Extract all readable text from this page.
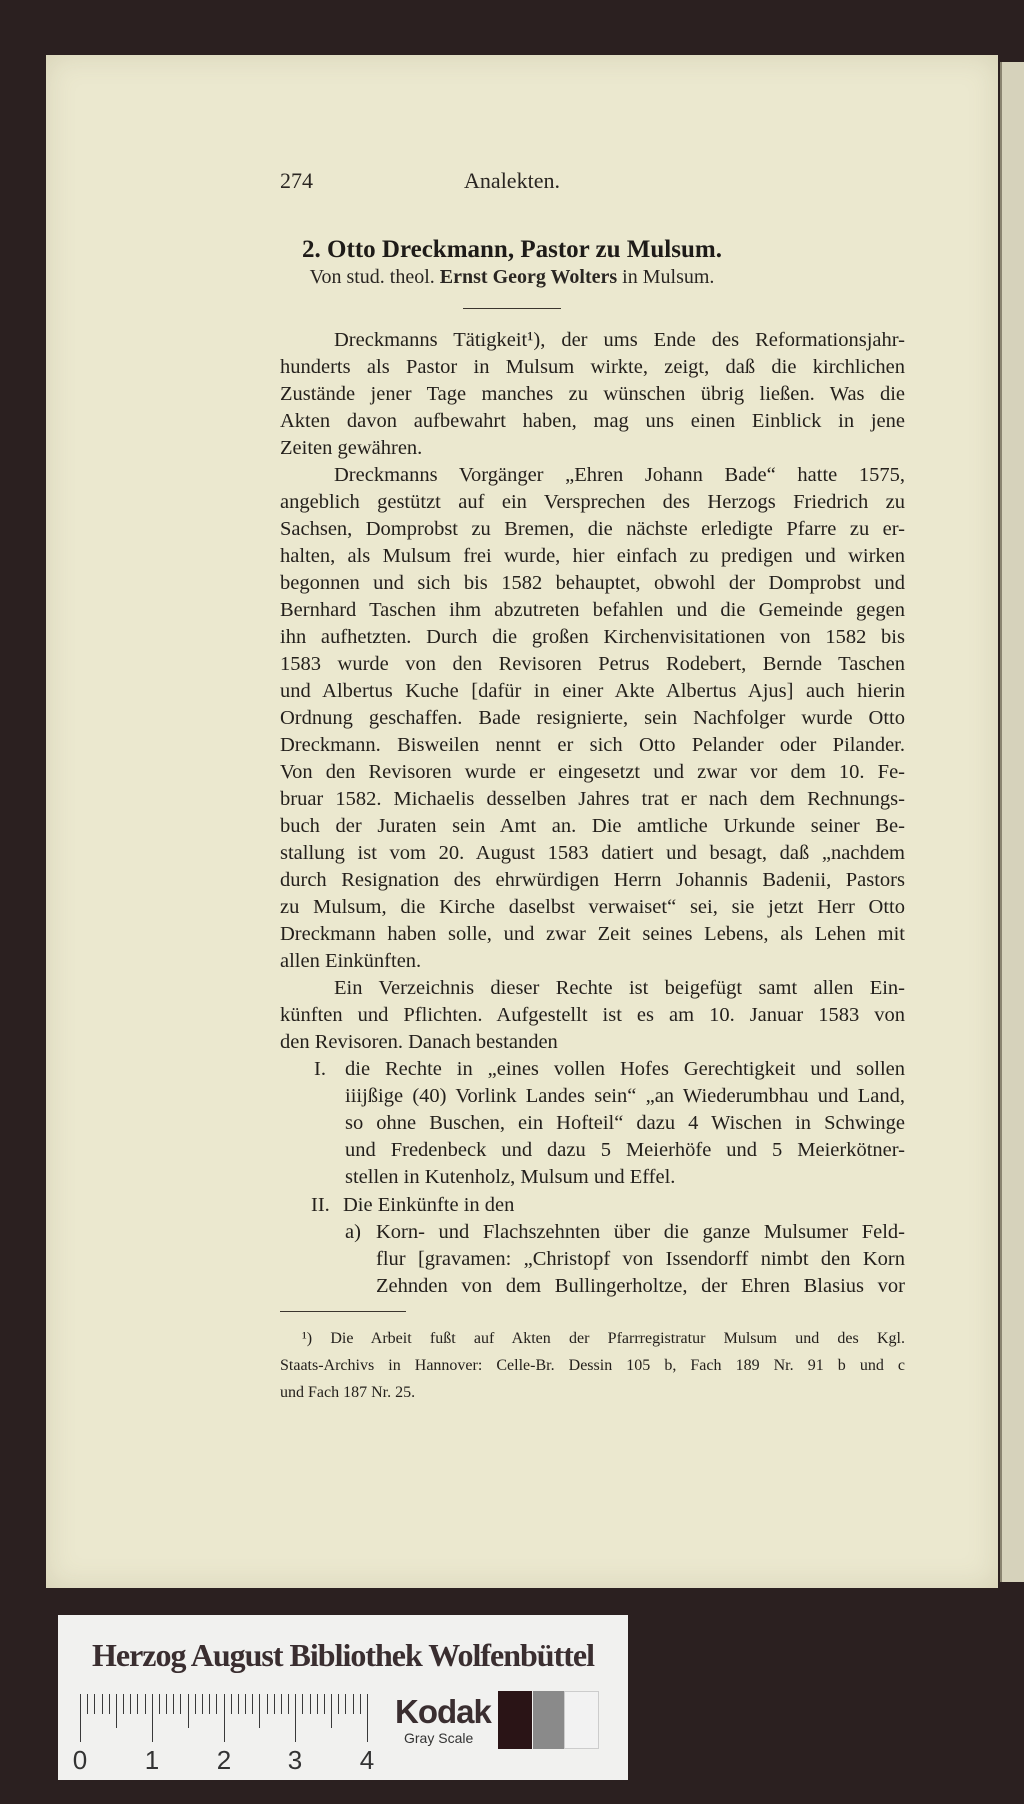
274	Analekten.
2. Otto Dreckmann, Pastor zu Mulsum.
Von stud. theol. Ernst Georg Wolters in Mulsum.
Dreckmanns Tätigkeit¹), der ums Ende des Reformationsjahr-
hunderts als Pastor in Mulsum wirkte, zeigt, daß die kirchlichen
Zustände jener Tage manches zu wünschen übrig ließen. Was die
Akten davon aufbewahrt haben, mag uns einen Einblick in jene
Zeiten gewähren.
Dreckmanns Vorgänger „Ehren Johann Bade“ hatte 1575,
angeblich gestützt auf ein Versprechen des Herzogs Friedrich zu
Sachsen, Domprobst zu Bremen, die nächste erledigte Pfarre zu er-
halten, als Mulsum frei wurde, hier einfach zu predigen und wirken
begonnen und sich bis 1582 behauptet, obwohl der Domprobst und
Bernhard Taschen ihm abzutreten befahlen und die Gemeinde gegen
ihn aufhetzten. Durch die großen Kirchenvisitationen von 1582 bis
1583 wurde von den Revisoren Petrus Rodebert, Bernde Taschen
und Albertus Kuche [dafür in einer Akte Albertus Ajus] auch hierin
Ordnung geschaffen. Bade resignierte, sein Nachfolger wurde Otto
Dreckmann. Bisweilen nennt er sich Otto Pelander oder Pilander.
Von den Revisoren wurde er eingesetzt und zwar vor dem 10. Fe-
bruar 1582. Michaelis desselben Jahres trat er nach dem Rechnungs-
buch der Juraten sein Amt an. Die amtliche Urkunde seiner Be-
stallung ist vom 20. August 1583 datiert und besagt, daß „nachdem
durch Resignation des ehrwürdigen Herrn Johannis Badenii, Pastors
zu Mulsum, die Kirche daselbst verwaiset“ sei, sie jetzt Herr Otto
Dreckmann haben solle, und zwar Zeit seines Lebens, als Lehen mit
allen Einkünften.
Ein Verzeichnis dieser Rechte ist beigefügt samt allen Ein-
künften und Pflichten. Aufgestellt ist es am 10. Januar 1583 von
den Revisoren. Danach bestanden
I. die Rechte in „eines vollen Hofes Gerechtigkeit und sollen
iiijßige (40) Vorlink Landes sein“ „an Wiederumbhau und Land,
so ohne Buschen, ein Hofteil“ dazu 4 Wischen in Schwinge
und Fredenbeck und dazu 5 Meierhöfe und 5 Meierkötner-
stellen in Kutenholz, Mulsum und Effel.
II. Die Einkünfte in den
a) Korn- und Flachszehnten über die ganze Mulsumer Feld-
flur [gravamen: „Christopf von Issendorff nimbt den Korn
Zehnden von dem Bullingerholtze, der Ehren Blasius vor
¹) Die Arbeit fußt auf Akten der Pfarrregistratur Mulsum und des Kgl.
Staats-Archivs in Hannover: Celle-Br. Dessin 105 b, Fach 189 Nr. 91 b und c
und Fach 187 Nr. 25.
Herzog August Bibliothek Wolfenbüttel
0 1 2 3 4
Kodak
Gray Scale
